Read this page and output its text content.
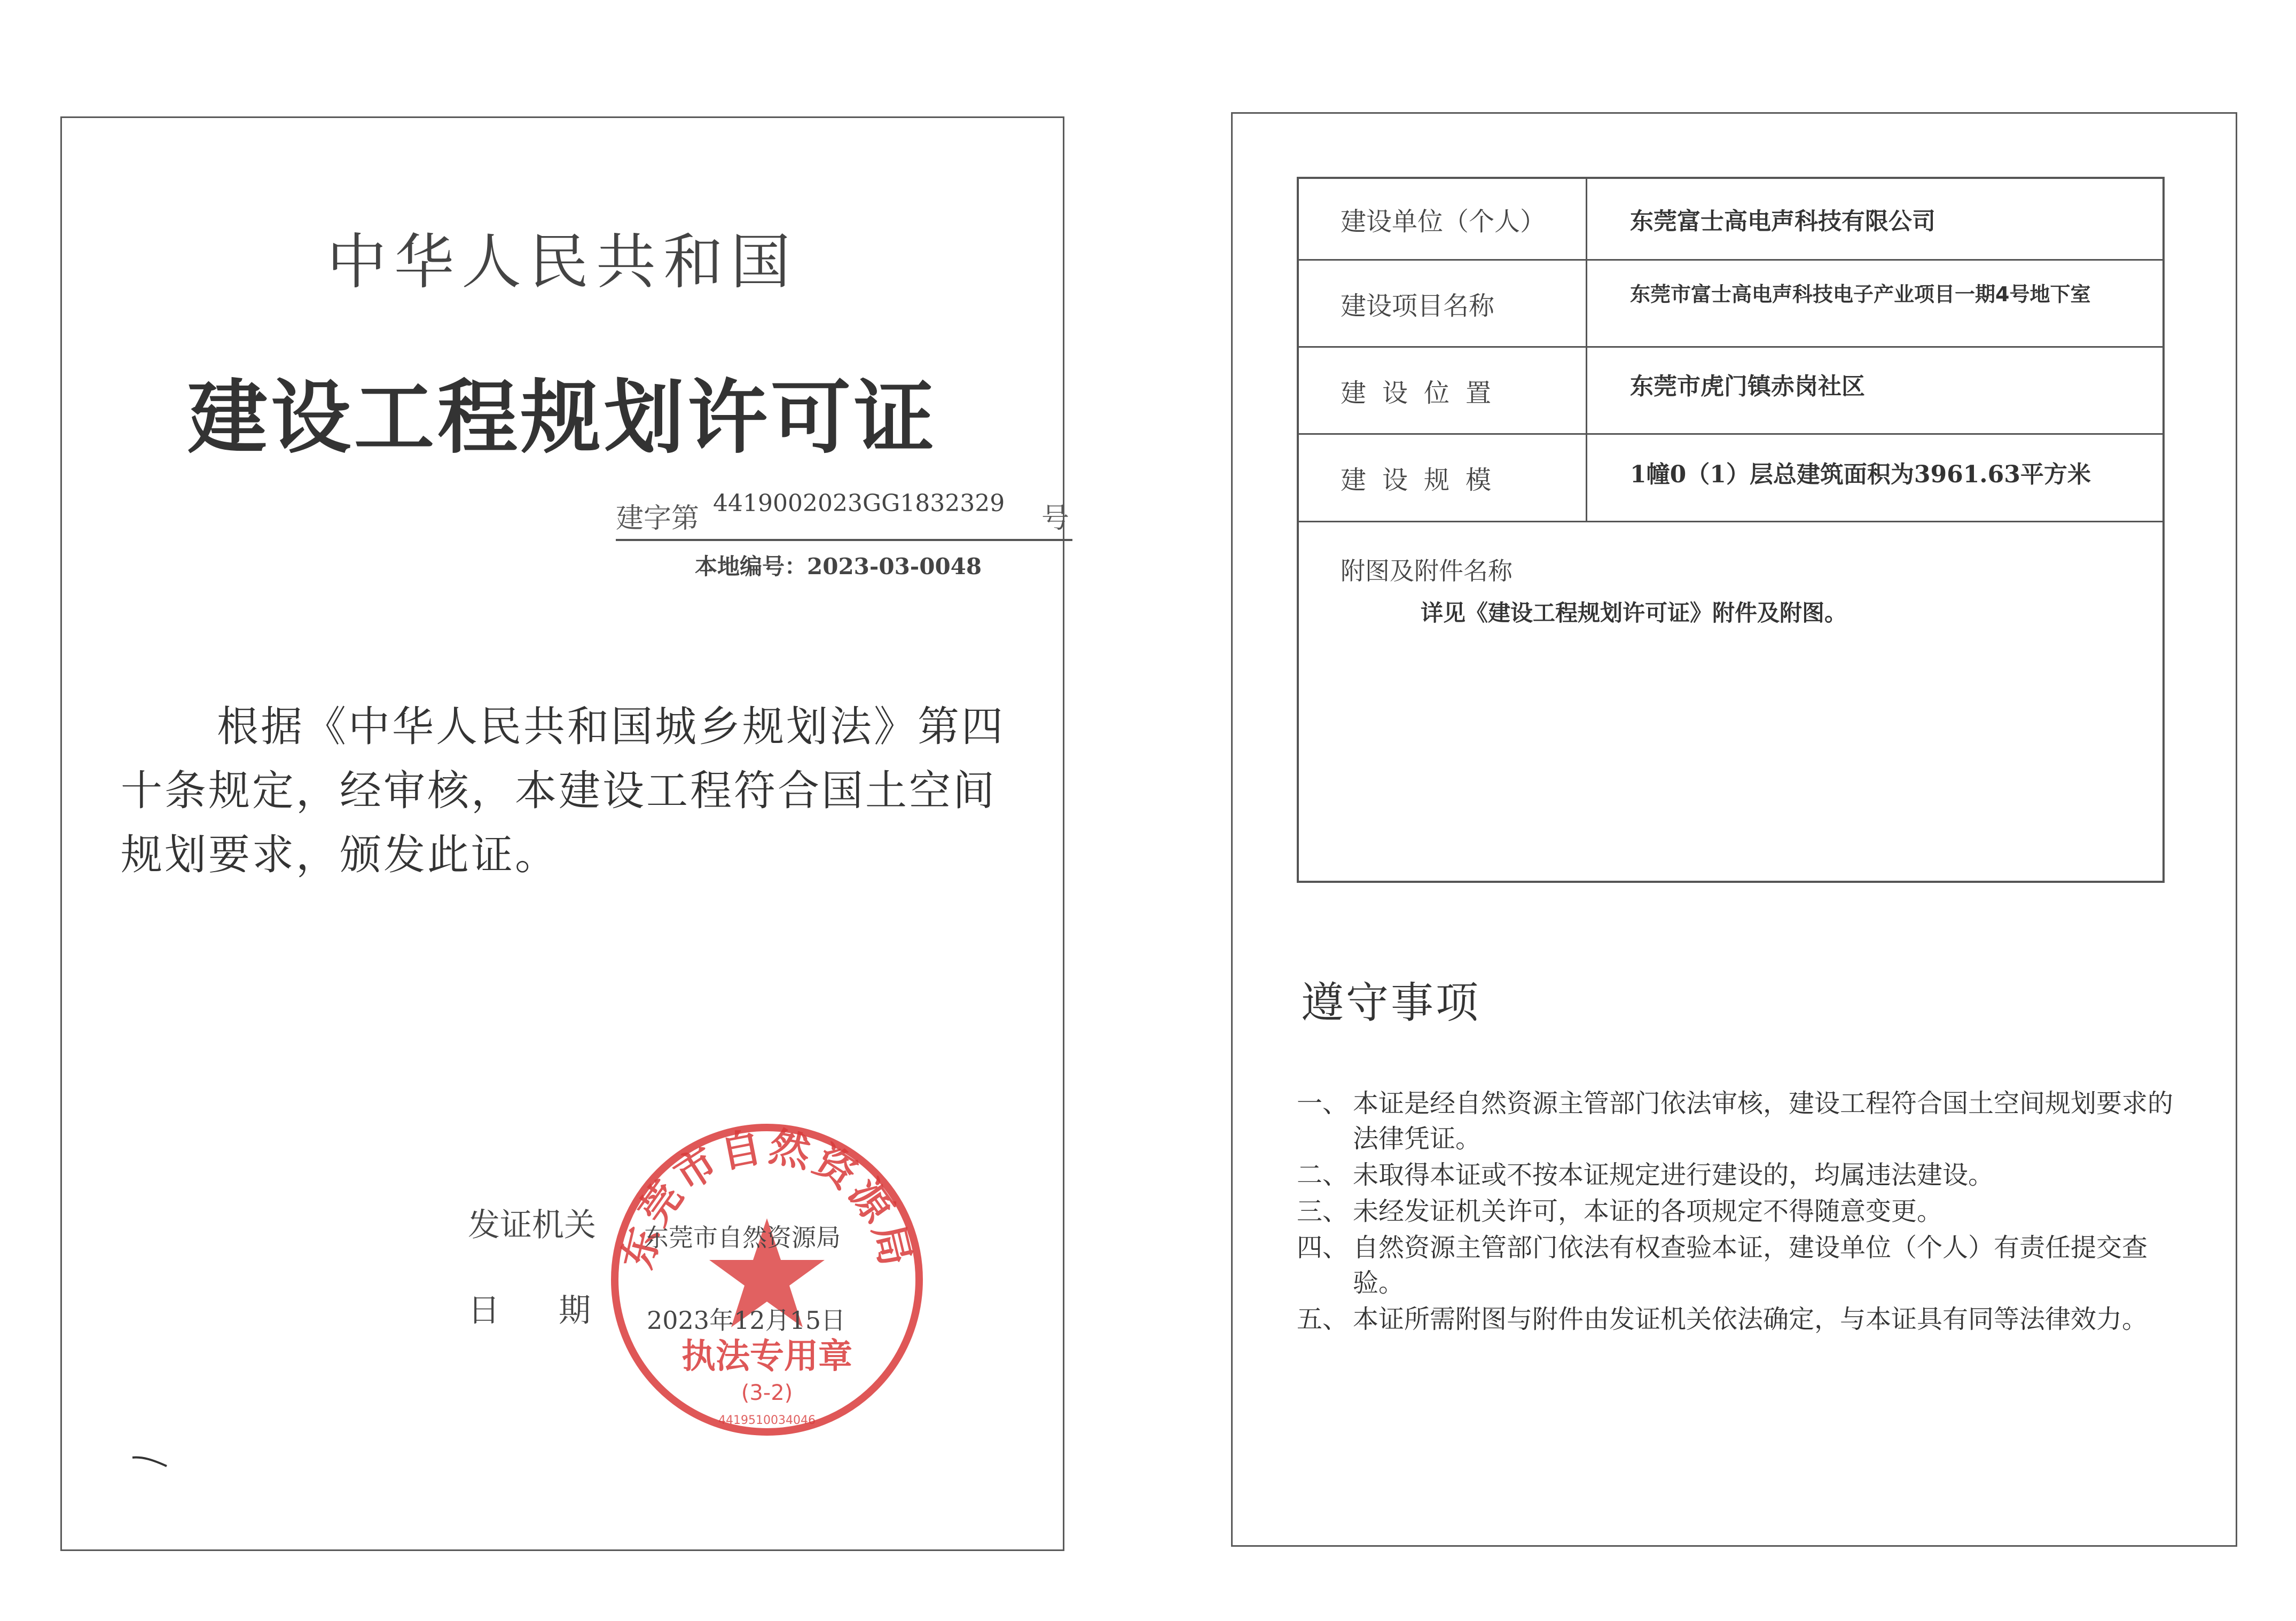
中华人民共和国
建设工程规划许可证
建字第 4419002023GG1832329 号
本地编号：2023-03-0048
根据《中华人民共和国城乡规划法》第四十条规定，经审核，本建设工程符合国土空间规划要求，颁发此证。
发证机关
日期
东莞市自然资源局
执法专用章
(3-2)
4419510034046
东莞市自然资源局
2023年12月15日
建设单位（个人）	东莞富士高电声科技有限公司
建设项目名称	东莞市富士高电声科技电子产业项目一期4号地下室
建设位置	东莞市虎门镇赤岗社区
建设规模	1幢0（1）层总建筑面积为3961.63平方米
附图及附件名称
详见《建设工程规划许可证》附件及附图。
遵守事项
一、 本证是经自然资源主管部门依法审核，建设工程符合国土空间规划要求的法律凭证。
二、 未取得本证或不按本证规定进行建设的，均属违法建设。
三、 未经发证机关许可，本证的各项规定不得随意变更。
四、 自然资源主管部门依法有权查验本证，建设单位（个人）有责任提交查验。
五、 本证所需附图与附件由发证机关依法确定，与本证具有同等法律效力。
